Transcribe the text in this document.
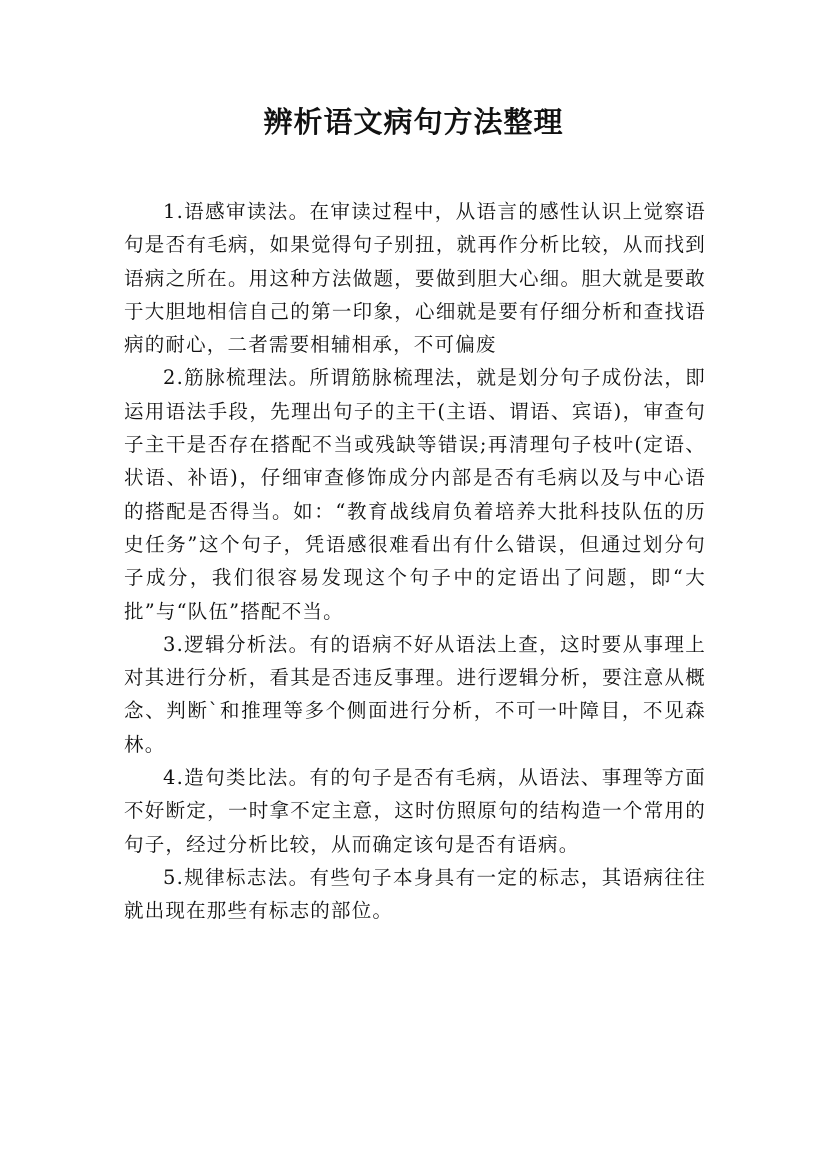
辨析语文病句方法整理

1.语感审读法。在审读过程中，从语言的感性认识上觉察语句是否有毛病，如果觉得句子别扭，就再作分析比较，从而找到语病之所在。用这种方法做题，要做到胆大心细。胆大就是要敢于大胆地相信自己的第一印象，心细就是要有仔细分析和查找语病的耐心，二者需要相辅相承，不可偏废

2.筋脉梳理法。所谓筋脉梳理法，就是划分句子成份法，即运用语法手段，先理出句子的主干(主语、谓语、宾语)，审查句子主干是否存在搭配不当或残缺等错误;再清理句子枝叶(定语、状语、补语)，仔细审查修饰成分内部是否有毛病以及与中心语的搭配是否得当。如：“教育战线肩负着培养大批科技队伍的历史任务”这个句子，凭语感很难看出有什么错误，但通过划分句子成分，我们很容易发现这个句子中的定语出了问题，即“大批”与“队伍”搭配不当。

3.逻辑分析法。有的语病不好从语法上查，这时要从事理上对其进行分析，看其是否违反事理。进行逻辑分析，要注意从概念、判断`和推理等多个侧面进行分析，不可一叶障目，不见森林。

4.造句类比法。有的句子是否有毛病，从语法、事理等方面不好断定，一时拿不定主意，这时仿照原句的结构造一个常用的句子，经过分析比较，从而确定该句是否有语病。

5.规律标志法。有些句子本身具有一定的标志，其语病往往就出现在那些有标志的部位。
